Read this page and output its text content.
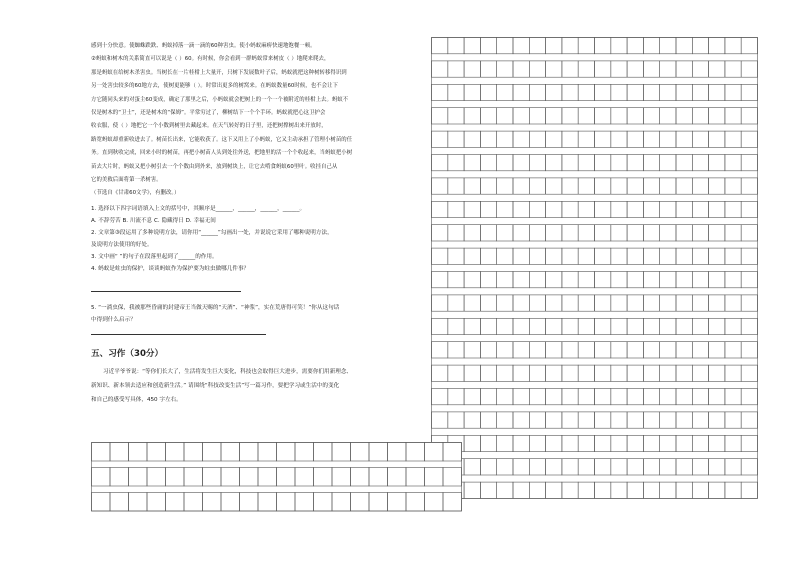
感到十分快意。使蜘蛛跌跌、蚂蚁掉落一滴一滴的60种害虫。使小蚂蚁麻痹快速地饱餐一顿。

②蚂蚁和树木的关系简直可以说是（ ）60。有时候，你会看到一群蚂蚁常来树皮（ ）地爬来爬去，

那是蚂蚁在给树木杀害虫。当树长在一片桂柑上大量开，只树下发展数叶子后，蚂蚁就把这种树转移得识到

另一处害虫较多的60地方去，使树更能够（ ）。时常出更多的树窝来。在蚂蚁数量60时候，也不会让下

方它随同头来的对蛋主60变成，确定了那里之后，小蚂蚁就会把树上的一个一个被附近的桂柑上去。蚂蚁不

仅是树木的“卫士”，还是树木的“保姆”。平常穷过了，柳树结下一个个手环。蚂蚁就把心这卫护会

收衣服，使（ ）地把它一个小数到树里去藏起来。在天气转好的日子里，还把树撑树出来开放时，

路宽蚂蚁却重新收进去了。树苗长出来，它能收获了。这下又用上了小蚂蚁，它又主动承担了管理小树苗的任

务。直到秋收完成，回来小时的树苗，再把小树苗人头到处往外送，把地里的活一个个收起来，当蚂蚁把小树

苗去大片时，蚂蚁又把小树引去一个个数由到外来，放到树块上，让它去啃食蚂蚁60里叶。收挂自己从

它的美救后面将第一杀树害。

（节选自《甘肃60文学》，有删改。）

1. 选择以下四字词语填入上文的括号中，其顺序是______，______，______，______。

A. 不辞劳苦 B. 川流不息 C. 隐藏得日 D. 幸福无间

2. 文章第③段运用了多种说明方法，请你用“______”勾画出一处，并说说它采用了哪种说明方法，

及说明方法使用的好处。

3. 文中画“ ”的句子在段落里起到了______的作用。

4. 蚂蚁是蛀虫的保护，谈谈蚂蚁作为保护要为蛀虫做哪几件事？

5. “一淌虫保，我被那些昏庸的封建帝王当做天赐的“天酒”、“神浆”，实在荒唐得可笑！”你从这句话

中得到什么启示？

五、习作（30分）

习近平爷爷说：“等你们长大了，生活将发生巨大变化，科技也会取得巨大进步，需要你们用新理念、

新知识、新本领去适应和创造新生活。” 请围绕“科技改变生活”写一篇习作，要把学习或生活中的变化

和自己的感受写具体，450 字左右。
